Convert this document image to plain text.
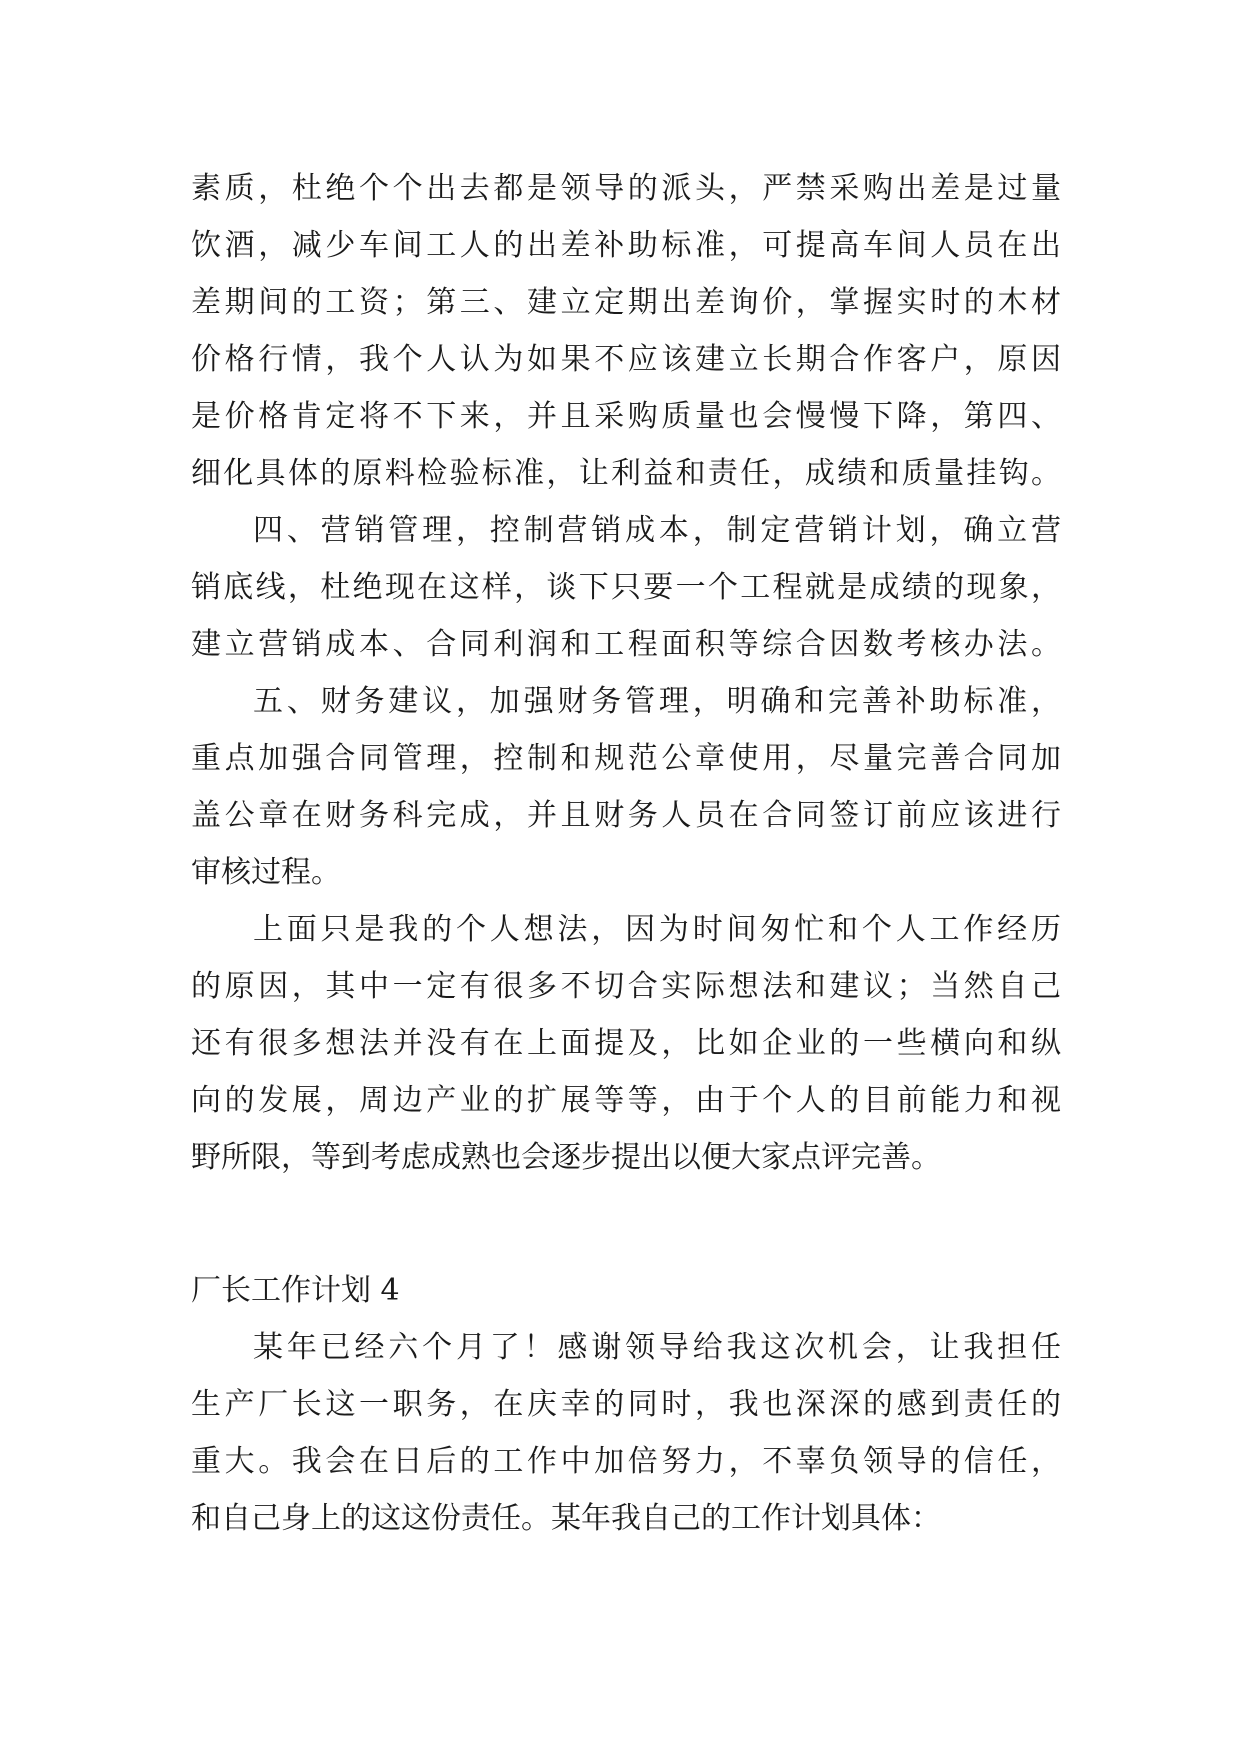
素质，杜绝个个出去都是领导的派头，严禁采购出差是过量
饮酒，减少车间工人的出差补助标准，可提高车间人员在出
差期间的工资；第三、建立定期出差询价，掌握实时的木材
价格行情，我个人认为如果不应该建立长期合作客户，原因
是价格肯定将不下来，并且采购质量也会慢慢下降，第四、
细化具体的原料检验标准，让利益和责任，成绩和质量挂钩。
四、营销管理，控制营销成本，制定营销计划，确立营
销底线，杜绝现在这样，谈下只要一个工程就是成绩的现象，
建立营销成本、合同利润和工程面积等综合因数考核办法。
五、财务建议，加强财务管理，明确和完善补助标准，
重点加强合同管理，控制和规范公章使用，尽量完善合同加
盖公章在财务科完成，并且财务人员在合同签订前应该进行
审核过程。
上面只是我的个人想法，因为时间匆忙和个人工作经历
的原因，其中一定有很多不切合实际想法和建议；当然自己
还有很多想法并没有在上面提及，比如企业的一些横向和纵
向的发展，周边产业的扩展等等，由于个人的目前能力和视
野所限，等到考虑成熟也会逐步提出以便大家点评完善。
厂长工作计划 4
某年已经六个月了！感谢领导给我这次机会，让我担任
生产厂长这一职务，在庆幸的同时，我也深深的感到责任的
重大。我会在日后的工作中加倍努力，不辜负领导的信任，
和自己身上的这这份责任。某年我自己的工作计划具体：
